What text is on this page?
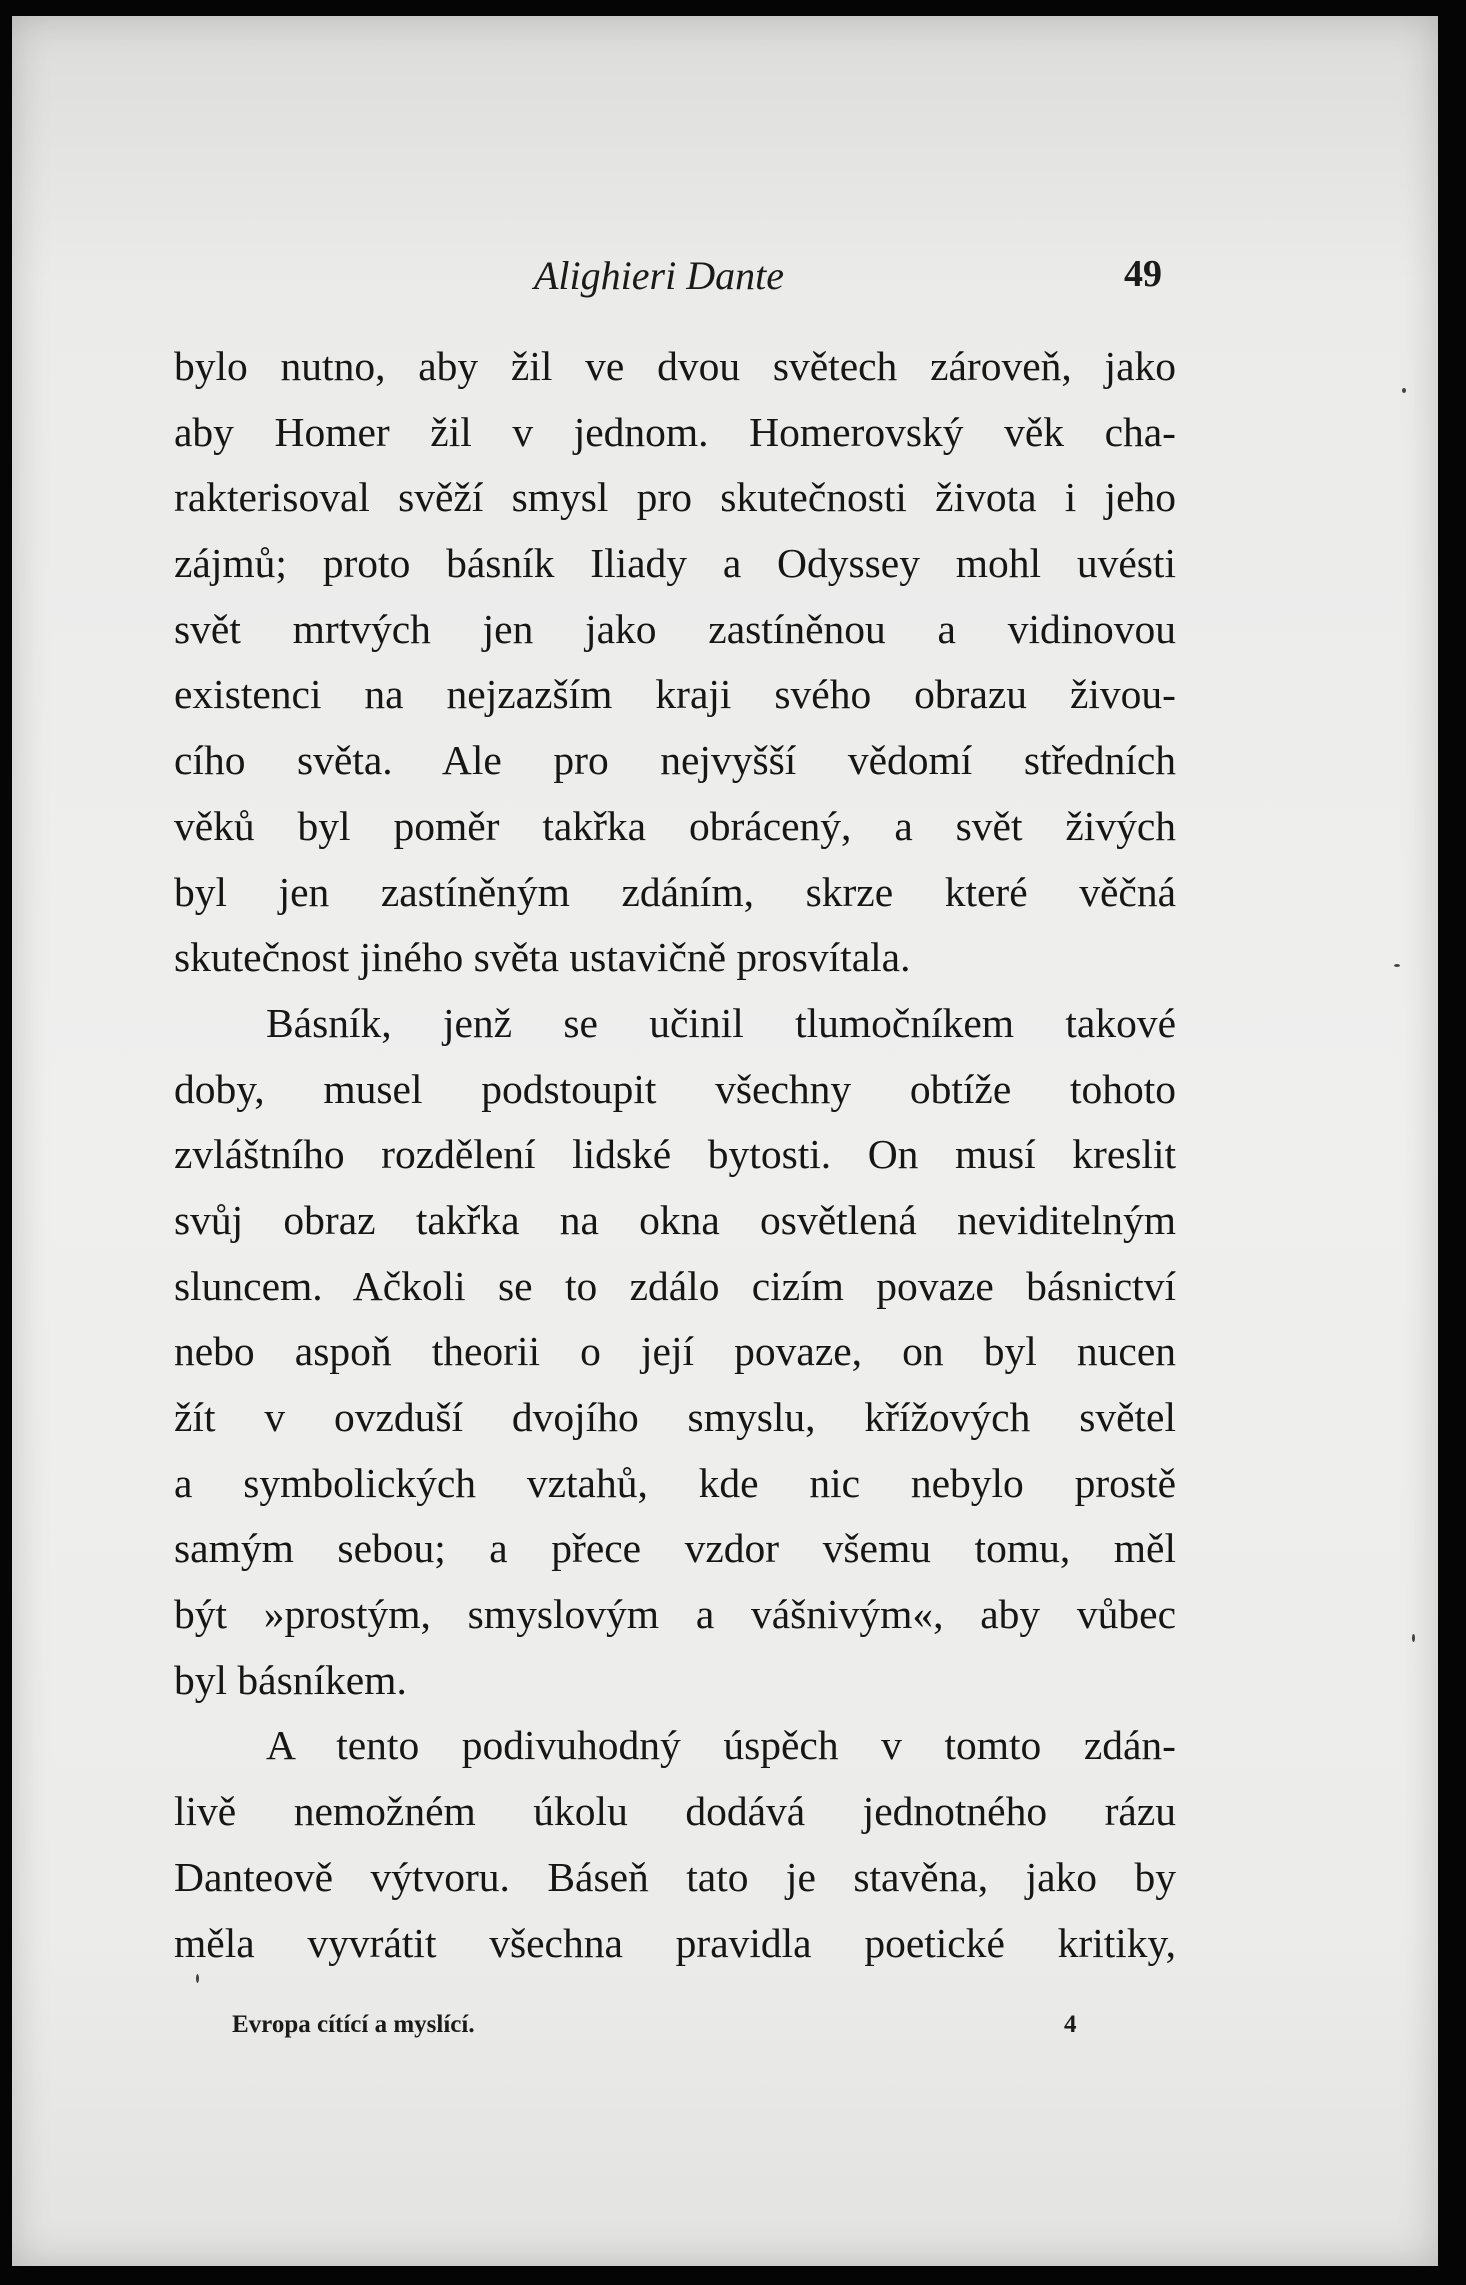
Alighieri Dante	49
bylo nutno, aby žil ve dvou světech zároveň, jako
aby Homer žil v jednom. Homerovský věk cha-
rakterisoval svěží smysl pro skutečnosti života i jeho
zájmů; proto básník Iliady a Odyssey mohl uvésti
svět mrtvých jen jako zastíněnou a vidinovou
existenci na nejzazším kraji svého obrazu živou-
cího světa. Ale pro nejvyšší vědomí středních
věků byl poměr takřka obrácený, a svět živých
byl jen zastíněným zdáním, skrze které věčná
skutečnost jiného světa ustavičně prosvítala.
Básník, jenž se učinil tlumočníkem takové
doby, musel podstoupit všechny obtíže tohoto
zvláštního rozdělení lidské bytosti. On musí kreslit
svůj obraz takřka na okna osvětlená neviditelným
sluncem. Ačkoli se to zdálo cizím povaze básnictví
nebo aspoň theorii o její povaze, on byl nucen
žít v ovzduší dvojího smyslu, křížových světel
a symbolických vztahů, kde nic nebylo prostě
samým sebou; a přece vzdor všemu tomu, měl
být »prostým, smyslovým a vášnivým«, aby vůbec
byl básníkem.
A tento podivuhodný úspěch v tomto zdán-
livě nemožném úkolu dodává jednotného rázu
Danteově výtvoru. Báseň tato je stavěna, jako by
měla vyvrátit všechna pravidla poetické kritiky,
Evropa cítící a myslící.	4
